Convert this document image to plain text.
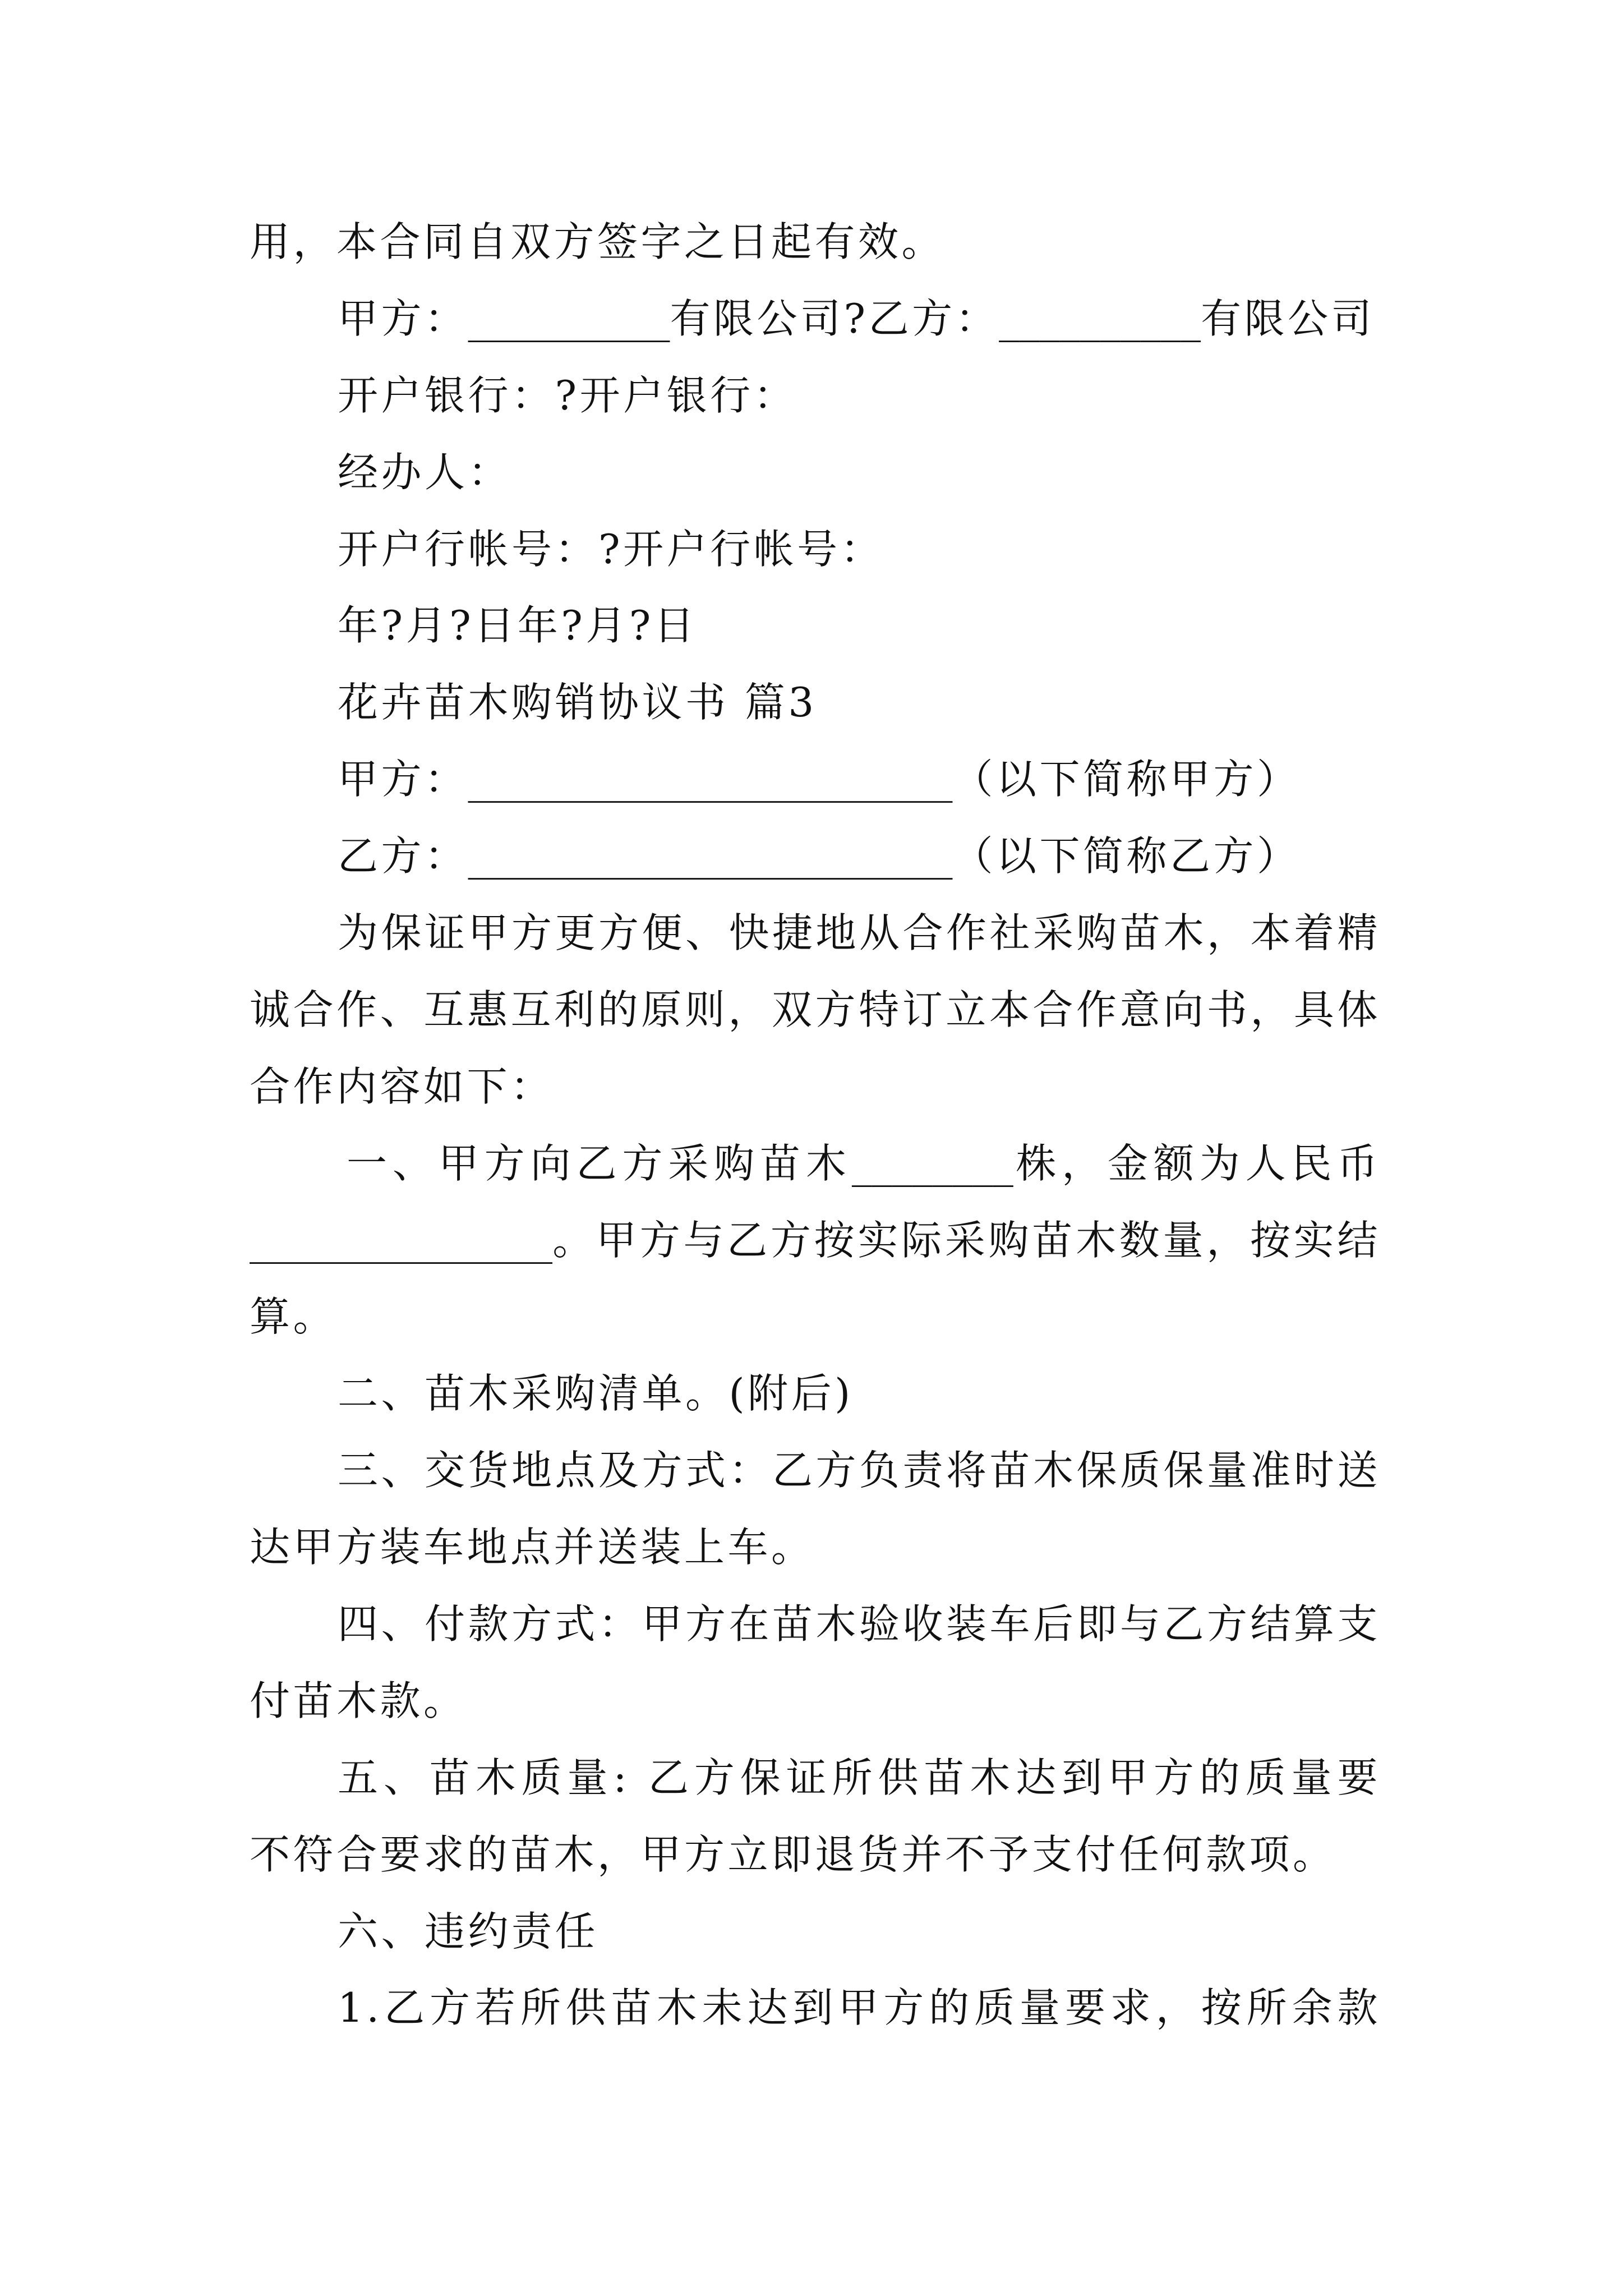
用，本合同自双方签字之日起有效。
甲方：__________有限公司?乙方：__________有限公司
开户银行：?开户银行：
经办人：
开户行帐号：?开户行帐号：
年?月?日年?月?日
花卉苗木购销协议书 篇3
甲方：________________________（以下简称甲方）
乙方：________________________（以下简称乙方）
为保证甲方更方便、快捷地从合作社采购苗木，本着精
诚合作、互惠互利的原则，双方特订立本合作意向书，具体
合作内容如下：
一、甲方向乙方采购苗木________株，金额为人民币
_______________。甲方与乙方按实际采购苗木数量，按实结
算。
二、苗木采购清单。(附后)
三、交货地点及方式：乙方负责将苗木保质保量准时送
达甲方装车地点并送装上车。
四、付款方式：甲方在苗木验收装车后即与乙方结算支
付苗木款。
五、苗木质量: 乙方保证所供苗木达到甲方的质量要
不符合要求的苗木，甲方立即退货并不予支付任何款项。
六、违约责任
1.乙方若所供苗木未达到甲方的质量要求，按所余款
